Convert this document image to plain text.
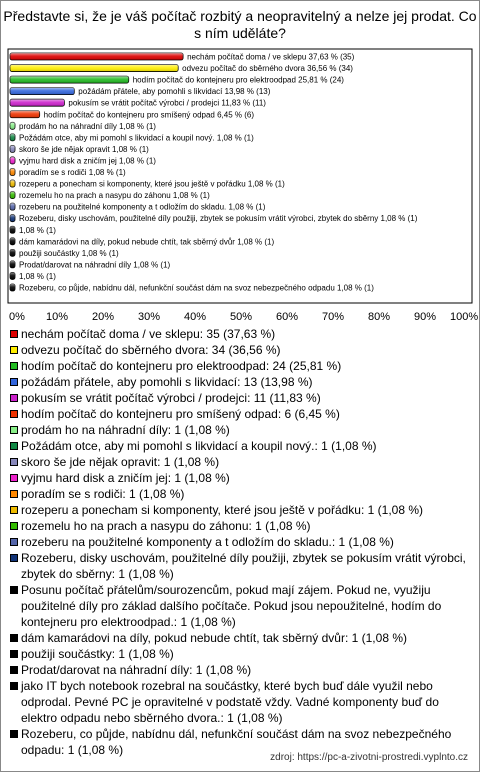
Představte si, že je váš počítač rozbitý a neopravitelný a nelze jej prodat. Co s ním uděláte?
nechám počítač doma / ve sklepu 37,63 % (35)
odvezu počítač do sběrného dvora 36,56 % (34)
hodím počítač do kontejneru pro elektroodpad 25,81 % (24)
požádám přátele, aby pomohli s likvidací 13,98 % (13)
pokusím se vrátit počítač výrobci / prodejci 11,83 % (11)
hodím počítač do kontejneru pro smíšený odpad 6,45 % (6)
prodám ho na náhradní díly 1,08 % (1)
Požádám otce, aby mi pomohl s likvidací a koupil nový. 1,08 % (1)
skoro še jde nějak opravit 1,08 % (1)
vyjmu hard disk a zničím jej 1,08 % (1)
poradím se s rodiči 1,08 % (1)
rozeperu a ponecham si komponenty, které jsou ještě v pořádku 1,08 % (1)
rozemelu ho na prach a nasypu do záhonu 1,08 % (1)
rozeberu na použitelné komponenty a t odložím do skladu. 1,08 % (1)
Rozeberu, disky uschovám, použitelné díly použiji, zbytek se pokusím vrátit výrobci, zbytek do sběrny 1,08 % (1)
1,08 % (1)
dám kamarádovi na díly, pokud nebude chtít, tak sběrný dvůr 1,08 % (1)
použiji součástky 1,08 % (1)
Prodat/darovat na náhradní díly 1,08 % (1)
1,08 % (1)
Rozeberu, co půjde, nabídnu dál, nefunkční součást dám na svoz nebezpečného odpadu 1,08 % (1)
0% 10% 20% 30% 40% 50% 60% 70% 80% 90% 100%
nechám počítač doma / ve sklepu: 35 (37,63 %)
odvezu počítač do sběrného dvora: 34 (36,56 %)
hodím počítač do kontejneru pro elektroodpad: 24 (25,81 %)
požádám přátele, aby pomohli s likvidací: 13 (13,98 %)
pokusím se vrátit počítač výrobci / prodejci: 11 (11,83 %)
hodím počítač do kontejneru pro smíšený odpad: 6 (6,45 %)
prodám ho na náhradní díly: 1 (1,08 %)
Požádám otce, aby mi pomohl s likvidací a koupil nový.: 1 (1,08 %)
skoro še jde nějak opravit: 1 (1,08 %)
vyjmu hard disk a zničím jej: 1 (1,08 %)
poradím se s rodiči: 1 (1,08 %)
rozeperu a ponecham si komponenty, které jsou ještě v pořádku: 1 (1,08 %)
rozemelu ho na prach a nasypu do záhonu: 1 (1,08 %)
rozeberu na použitelné komponenty a t odložím do skladu.: 1 (1,08 %)
Rozeberu, disky uschovám, použitelné díly použiji, zbytek se pokusím vrátit výrobci, zbytek do sběrny: 1 (1,08 %)
Posunu počítač přátelům/sourozencům, pokud mají zájem. Pokud ne, využiju použitelné díly pro základ dalšího počítače. Pokud jsou nepoužitelné, hodím do kontejneru pro elektroodpad.: 1 (1,08 %)
dám kamarádovi na díly, pokud nebude chtít, tak sběrný dvůr: 1 (1,08 %)
použiji součástky: 1 (1,08 %)
Prodat/darovat na náhradní díly: 1 (1,08 %)
jako IT bych notebook rozebral na součástky, které bych buď dále využil nebo odprodal. Pevné PC je opravitelné v podstatě vždy. Vadné komponenty buď do elektro odpadu nebo sběrného dvora.: 1 (1,08 %)
Rozeberu, co půjde, nabídnu dál, nefunkční součást dám na svoz nebezpečného odpadu: 1 (1,08 %)
zdroj: https://pc-a-zivotni-prostredi.vyplnto.cz
